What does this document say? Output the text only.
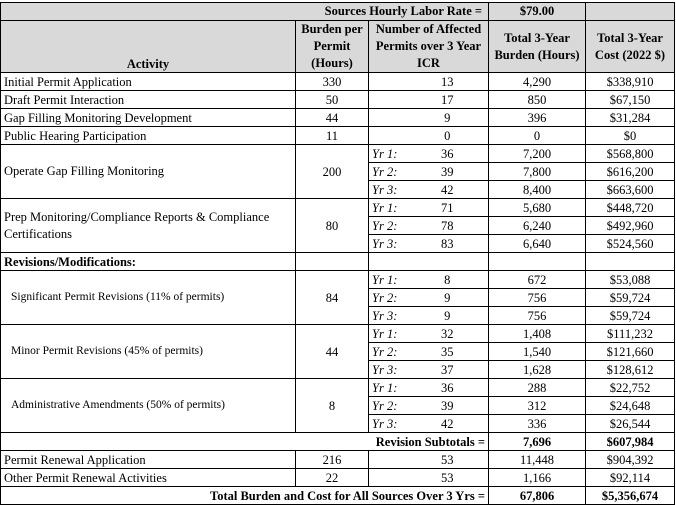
Sources Hourly Labor Rate =					$79.00	
Activity		Burden per Permit (Hours)	Number of Affected Permits over 3 Year ICR		Total 3-Year Burden (Hours)	Total 3-Year Cost (2022 $)
Initial Permit Application		330		13	4,290	$338,910
Draft Permit Interaction		50		17	850	$67,150
Gap Filling Monitoring Development		44		9	396	$31,284
Public Hearing Participation		11		0	0	$0
Operate Gap Filling Monitoring		200	Yr 1:	36	7,200	$568,800
			Yr 2:	39	7,800	$616,200
			Yr 3:	42	8,400	$663,600
Prep Monitoring/Compliance Reports & Compliance Certifications		80	Yr 1:	71	5,680	$448,720
			Yr 2:	78	6,240	$492,960
			Yr 3:	83	6,640	$524,560
Revisions/Modifications:						
Significant Permit Revisions (11% of permits)		84	Yr 1:	8	672	$53,088
			Yr 2:	9	756	$59,724
			Yr 3:	9	756	$59,724
Minor Permit Revisions (45% of permits)		44	Yr 1:	32	1,408	$111,232
			Yr 2:	35	1,540	$121,660
			Yr 3:	37	1,628	$128,612
Administrative Amendments (50% of permits)		8	Yr 1:	36	288	$22,752
			Yr 2:	39	312	$24,648
			Yr 3:	42	336	$26,544
			Revision Subtotals =		7,696	$607,984
Permit Renewal Application		216		53	11,448	$904,392
Other Permit Renewal Activities		22		53	1,166	$92,114
	Total Burden and Cost for All Sources Over 3 Yrs =				67,806	$5,356,674
